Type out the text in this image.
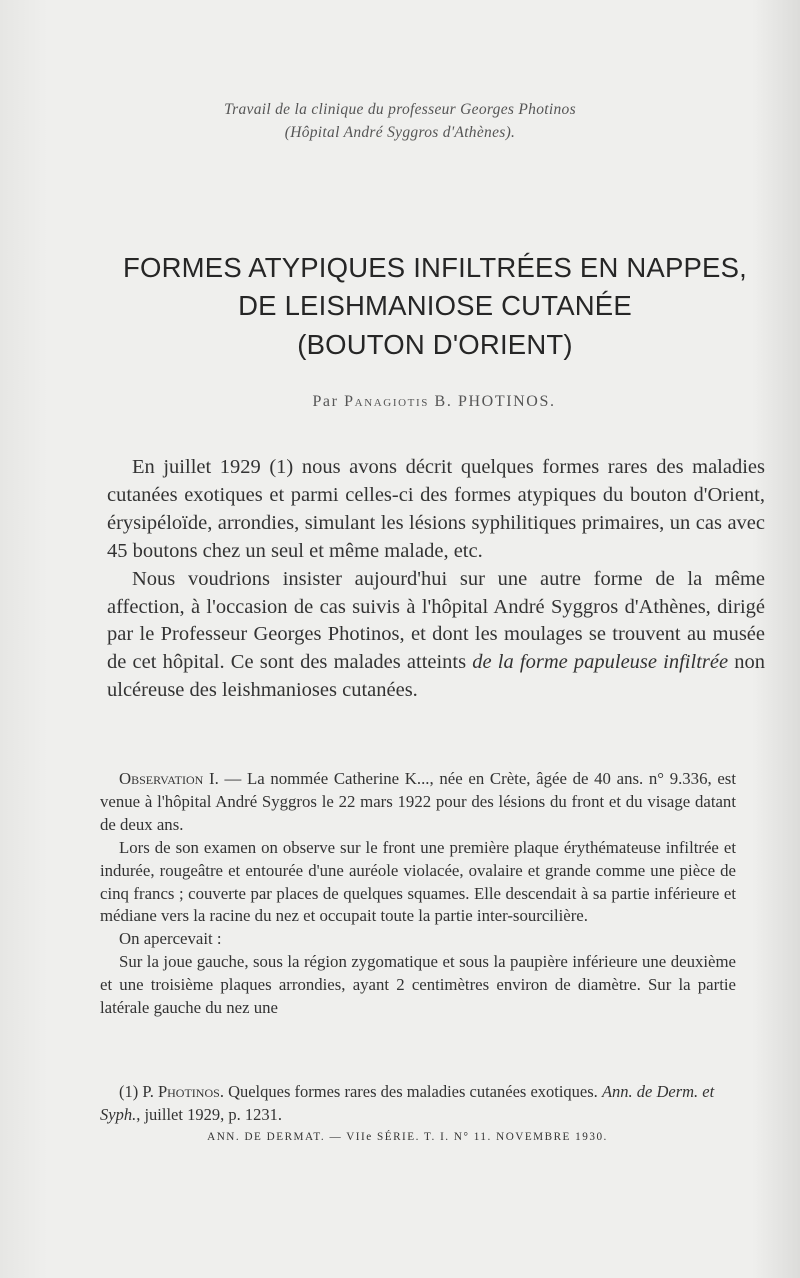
Travail de la clinique du professeur Georges Photinos
(Hôpital André Syggros d'Athènes).
FORMES ATYPIQUES INFILTRÉES EN NAPPES,
DE LEISHMANIOSE CUTANÉE
(BOUTON D'ORIENT)
Par Panagiotis B. PHOTINOS.

En juillet 1929 (1) nous avons décrit quelques formes rares des maladies cutanées exotiques et parmi celles-ci des formes atypiques du bouton d'Orient, érysipéloïde, arrondies, simulant les lésions syphilitiques primaires, un cas avec 45 boutons chez un seul et même malade, etc.

Nous voudrions insister aujourd'hui sur une autre forme de la même affection, à l'occasion de cas suivis à l'hôpital André Syggros d'Athènes, dirigé par le Professeur Georges Photinos, et dont les moulages se trouvent au musée de cet hôpital. Ce sont des malades atteints de la forme papuleuse infiltrée non ulcéreuse des leishmanioses cutanées.

Observation I. — La nommée Catherine K..., née en Crète, âgée de 40 ans. n° 9.336, est venue à l'hôpital André Syggros le 22 mars 1922 pour des lésions du front et du visage datant de deux ans.

Lors de son examen on observe sur le front une première plaque érythémateuse infiltrée et indurée, rougeâtre et entourée d'une auréole violacée, ovalaire et grande comme une pièce de cinq francs ; couverte par places de quelques squames. Elle descendait à sa partie inférieure et médiane vers la racine du nez et occupait toute la partie inter-sourcilière.

On apercevait :

Sur la joue gauche, sous la région zygomatique et sous la paupière inférieure une deuxième et une troisième plaques arrondies, ayant 2 centimètres environ de diamètre. Sur la partie latérale gauche du nez une

(1) P. Photinos. Quelques formes rares des maladies cutanées exotiques. Ann. de Derm. et Syph., juillet 1929, p. 1231.

ANN. DE DERMAT. — VIIe SÉRIE. T. I. N° 11. NOVEMBRE 1930.
